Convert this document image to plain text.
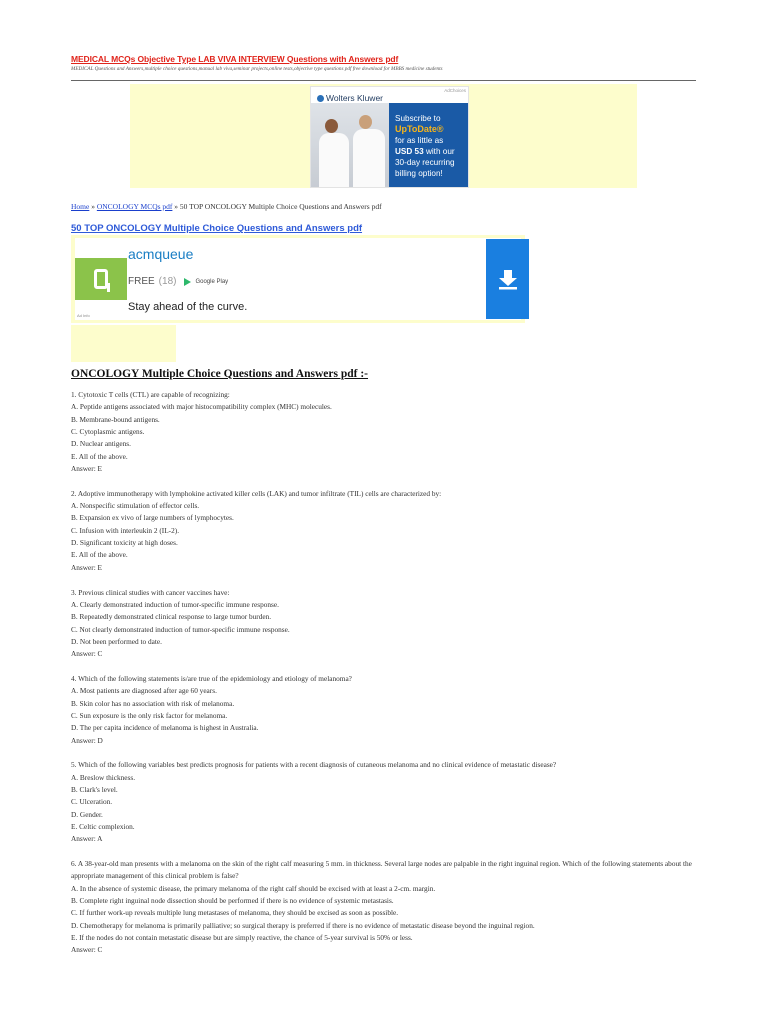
MEDICAL MCQs Objective Type LAB VIVA INTERVIEW Questions with Answers pdf
MEDICAL Questions and Answers,multiple choice questions,manual lab viva,seminar projects,online tests,objective type questions pdf free download for MBBS medicine students
AdChoices
Wolters Kluwer
Subscribe to
UpToDate®
for as little as
USD 53 with our
30-day recurring
billing option!
Home » ONCOLOGY MCQs pdf » 50 TOP ONCOLOGY Multiple Choice Questions and Answers pdf
50 TOP ONCOLOGY Multiple Choice Questions and Answers pdf
acmqueue
FREE (18)	Google Play
Stay ahead of the curve.
Ad Info
ONCOLOGY Multiple Choice Questions and Answers pdf :-
1. Cytotoxic T cells (CTL) are capable of recognizing:
A. Peptide antigens associated with major histocompatibility complex (MHC) molecules.
B. Membrane-bound antigens.
C. Cytoplasmic antigens.
D. Nuclear antigens.
E. All of the above.
Answer: E
2. Adoptive immunotherapy with lymphokine activated killer cells (LAK) and tumor infiltrate (TIL) cells are characterized by:
A. Nonspecific stimulation of effector cells.
B. Expansion ex vivo of large numbers of lymphocytes.
C. Infusion with interleukin 2 (IL-2).
D. Significant toxicity at high doses.
E. All of the above.
Answer: E
3. Previous clinical studies with cancer vaccines have:
A. Clearly demonstrated induction of tumor-specific immune response.
B. Repeatedly demonstrated clinical response to large tumor burden.
C. Not clearly demonstrated induction of tumor-specific immune response.
D. Not been performed to date.
Answer: C
4. Which of the following statements is/are true of the epidemiology and etiology of melanoma?
A. Most patients are diagnosed after age 60 years.
B. Skin color has no association with risk of melanoma.
C. Sun exposure is the only risk factor for melanoma.
D. The per capita incidence of melanoma is highest in Australia.
Answer: D
5. Which of the following variables best predicts prognosis for patients with a recent diagnosis of cutaneous melanoma and no clinical evidence of metastatic disease?
A. Breslow thickness.
B. Clark's level.
C. Ulceration.
D. Gender.
E. Celtic complexion.
Answer: A
6. A 38-year-old man presents with a melanoma on the skin of the right calf measuring 5 mm. in thickness. Several large nodes are palpable in the right inguinal region. Which of the following statements about the appropriate management of this clinical problem is false?
A. In the absence of systemic disease, the primary melanoma of the right calf should be excised with at least a 2-cm. margin.
B. Complete right inguinal node dissection should be performed if there is no evidence of systemic metastasis.
C. If further work-up reveals multiple lung metastases of melanoma, they should be excised as soon as possible.
D. Chemotherapy for melanoma is primarily palliative; so surgical therapy is preferred if there is no evidence of metastatic disease beyond the inguinal region.
E. If the nodes do not contain metastatic disease but are simply reactive, the chance of 5-year survival is 50% or less.
Answer: C
